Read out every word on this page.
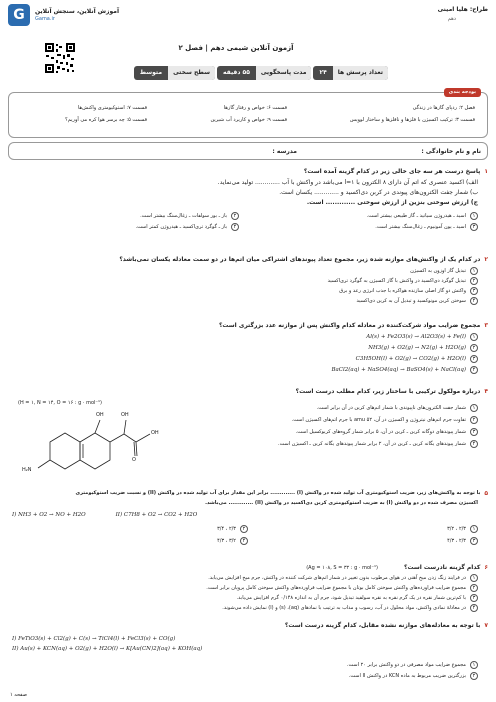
طراح: هلیا امینی
دهم
G	آموزش آنلاین، سنجش آنلاین
Gama.ir
آزمون آنلاین شیمی دهم | فصل ۲
تعداد پرسش ها
۲۴
مدت پاسخگویی
۵۵ دقیقه
سطح سختی
متوسط
بودجه بندی
فصل ۲: ردپای گازها در زندگی
قسمت ۶: خواص و رفتار گازها
قسمت ۷: استوکیومتری واکنش‌ها
قسمت ۳: ترکیب اکسیژن با فلزها و نافلزها و ساختار لوویس
قسمت ۹: خواص و کاربرد آب شیرین
قسمت ۵: چه برسر هوا کره می آوریم؟
نام و نام خانوادگی :
مدرسه :
۱
پاسخ درست هر سه جای خالی زیر در کدام گزینه آمده است؟
الف) اکسید عنصری که اتم آن دارای ۸ الکترون با ۱=l می‌باشد در واکنش با آب ............. تولید می‌نماید.
ب) شمار جفت الکترون‌های پیوندی در کربن دی‌اکسید و ............. یکسان است.
ج) ارزش سوختی بنزین از ارزش سوختی ............. است.
۱
اسید ـ هیدروژن سیانید ـ گاز طبیعی بیشتر است.
۲
باز ـ بور سولفات ـ زغال‌سنگ بیشتر است.
۳
اسید ـ یون آمونیوم ـ زغال‌سنگ بیشتر است.
۴
باز ـ گوگرد تری‌اکسید ـ هیدروژن کمتر است.
۲
در کدام یک از واکنش‌های موازنه شده زیر، مجموع تعداد پیوندهای اشتراکی میان اتم‌ها در دو سمت معادله یکسان نمی‌باشد؟
۱
تبدیل گاز اوزون به اکسیژن
۲
تبدیل گوگرد دی‌اکسید در واکنش با گاز اکسیژن به گوگرد تری‌اکسید
۳
واکنش دو گاز اصلی سازنده هواکره با جذب انرژی رعد و برق
۴
سوختن کربن مونوکسید و تبدیل آن به کربن دی‌اکسید
۳
مجموع ضرایب مواد شرکت‌کننده در معادله کدام واکنش پس از موازنه عدد بزرگتری است؟
۱
Al(s) + Fe2O3(s) → Al2O3(s) + Fe(l)
۲
NH3(g) + O2(g) → N2(g) + H2O(g)
۳
C3H5OH(l) + O2(g) → CO2(g) + H2O(l)
۴
BaCl2(aq) + NaSO4(aq) → BaSO4(s) + NaCl(aq)
۴
درباره مولکول ترکیبی با ساختار زیر، کدام مطلب درست است؟
۱
شمار جفت الکترون‌های ناپیوندی با شمار اتم‌های کربن در آن برابر است.
۲
تفاوت جرم اتم‌های نیتروژن و اکسیژن در آن، ۵۲ amu با جرم اتم‌های اکسیژن است.
۳
شمار پیوندهای دوگانه کربن ـ کربن در آن، ۵ برابر شمار گروه‌های کربوکسیل است.
۴
شمار پیوندهای یگانه کربن ـ کربن در آن، ۲ برابر شمار پیوندهای یگانه کربن ـ اکسیژن است.
(H = ۱, N = ۱۴, O = ۱۶ : g · mol⁻¹)
OH	OH
OH
O
H₂N
۵
با توجه به واکنش‌های زیر، ضریب استوکیومتری آب تولید شده در واکنش (I) ............. برابر این مقدار برای آب تولید شده در واکنش (II) و نسبت ضریب استوکیومتری
اکسیژن مصرف شده در دو واکنش (I) به ضریب استوکیومتری کربن دی‌اکسید در واکنش (II) ............. می‌باشد.
I) NH3 + O2 → NO + H2O	II) C7H8 + O2 → CO2 + H2O
۱
۲/۳ ، ۳/۲
۲
۲/۳ ، ۳/۴
۳
۲/۳ ، ۴/۳
۴
۳/۲ ، ۴/۳
۶
کدام گزینه نادرست است؟
(Ag = ۱۰۸, S = ۳۲ : g · mol⁻¹)
۱
در فرایند زنگ زدن میخ آهنی در هوای مرطوب بدون تغییر در شمار اتم‌های شرکت کننده در واکنش، جرم میخ افزایش می‌یابد.
۲
مجموع ضرایب فراورده‌های واکنش سوختن کامل بوتان با مجموع ضرایب فراورده‌های واکنش سوختن کامل پروپان برابر است.
۳
با کم‌ترین شمار نقره در یک گرم نقره به نقره سولفید تبدیل شود، جرم آن به اندازه ۰/۱۴۸ گرم افزایش می‌یابد.
۴
در معادلهٔ نمادی واکنش، مواد محلول در آب، رسوب و مذاب به ترتیب با نمادهای (aq)، (s) و (l) نمایش داده می‌شوند.
۷
با توجه به معادله‌های موازنه نشده مقابل، کدام گزینه درست است؟
I) FeTiO3(s) + Cl2(g) + C(s) → TiCl4(l) + FeCl3(s) + CO(g)
II) Au(s) + KCN(aq) + O2(g) + H2O(l) → K[Au(CN)2](aq) + KOH(aq)
۱
مجموع ضرایب مواد مصرفی در دو واکنش برابر ۲۰ است.
۲
بزرگترین ضریب مربوط به ماده KCN در واکنش II است.
صفحه ۱
